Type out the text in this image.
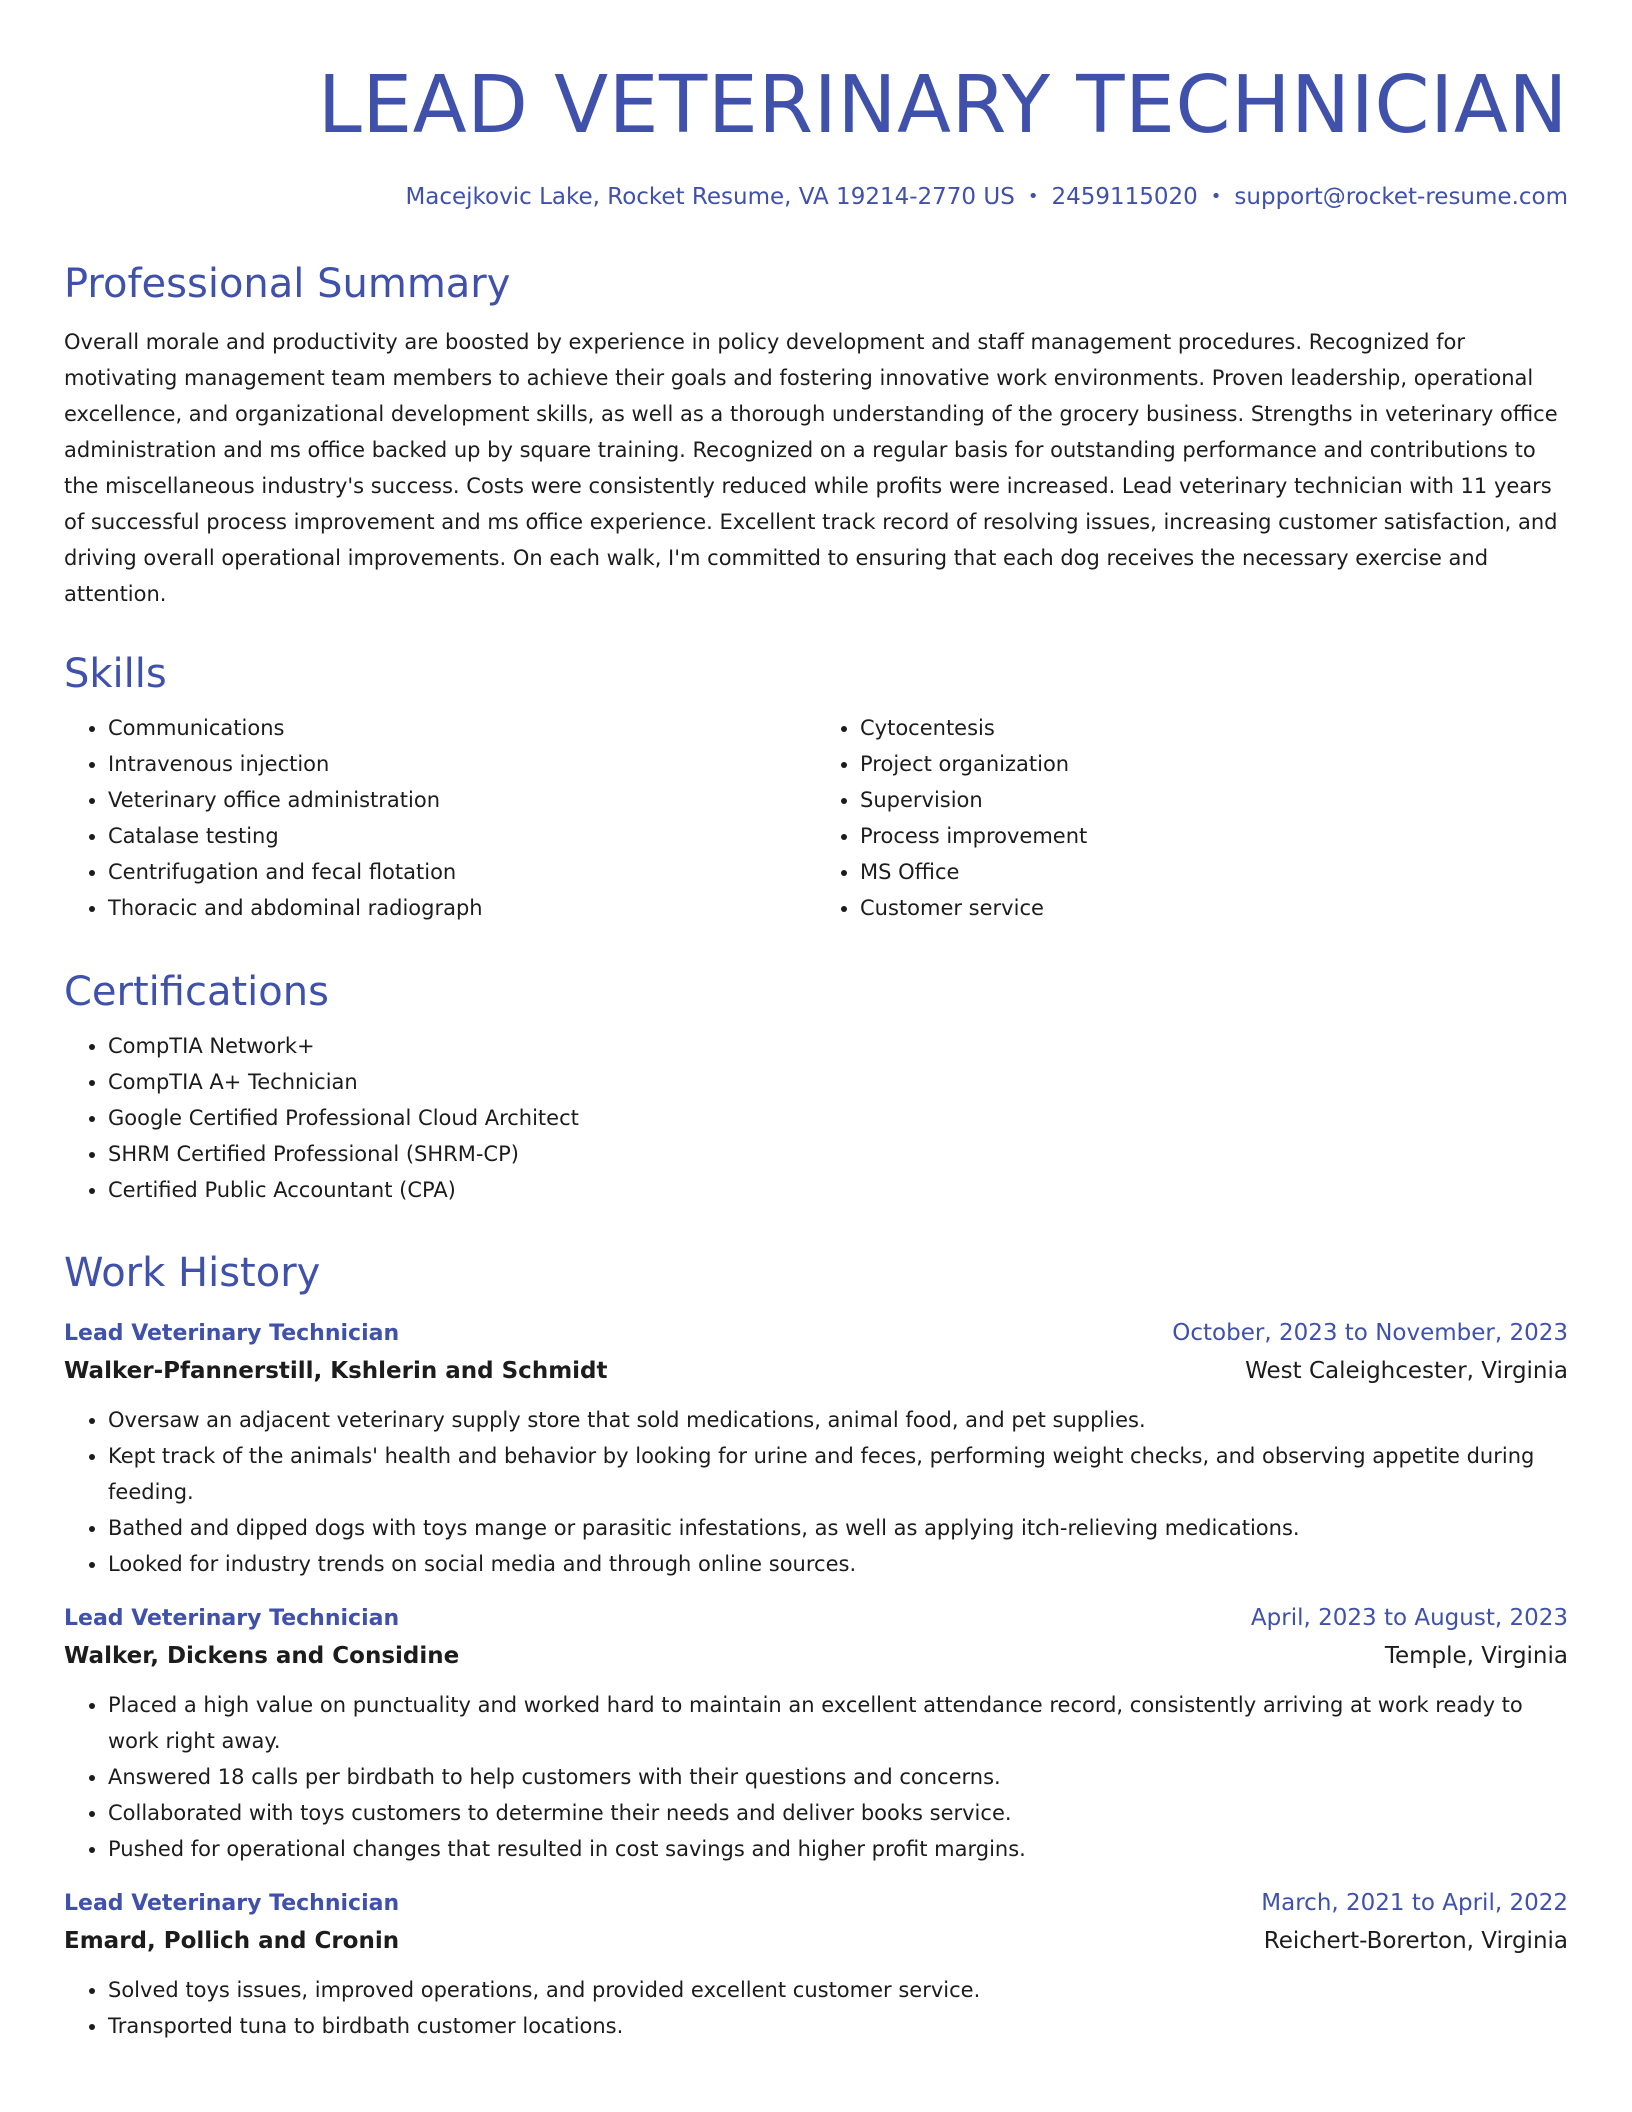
LEAD VETERINARY TECHNICIAN
Macejkovic Lake, Rocket Resume, VA 19214-2770 US • 2459115020 • support@rocket-resume.com
Professional Summary

Overall morale and productivity are boosted by experience in policy development and staff management procedures. Recognized for motivating management team members to achieve their goals and fostering innovative work environments. Proven leadership, operational excellence, and organizational development skills, as well as a thorough understanding of the grocery business. Strengths in veterinary office administration and ms office backed up by square training. Recognized on a regular basis for outstanding performance and contributions to the miscellaneous industry's success. Costs were consistently reduced while profits were increased. Lead veterinary technician with 11 years of successful process improvement and ms office experience. Excellent track record of resolving issues, increasing customer satisfaction, and driving overall operational improvements. On each walk, I'm committed to ensuring that each dog receives the necessary exercise and attention.

Skills
• Communications
• Intravenous injection
• Veterinary office administration
• Catalase testing
• Centrifugation and fecal flotation
• Thoracic and abdominal radiograph
• Cytocentesis
• Project organization
• Supervision
• Process improvement
• MS Office
• Customer service
Certifications
• CompTIA Network+
• CompTIA A+ Technician
• Google Certified Professional Cloud Architect
• SHRM Certified Professional (SHRM-CP)
• Certified Public Accountant (CPA)
Work History
Lead Veterinary Technician	October, 2023 to November, 2023
Walker-Pfannerstill, Kshlerin and Schmidt	West Caleighcester, Virginia
• Oversaw an adjacent veterinary supply store that sold medications, animal food, and pet supplies.
• Kept track of the animals' health and behavior by looking for urine and feces, performing weight checks, and observing appetite during feeding.
• Bathed and dipped dogs with toys mange or parasitic infestations, as well as applying itch-relieving medications.
• Looked for industry trends on social media and through online sources.
Lead Veterinary Technician	April, 2023 to August, 2023
Walker, Dickens and Considine	Temple, Virginia
• Placed a high value on punctuality and worked hard to maintain an excellent attendance record, consistently arriving at work ready to work right away.
• Answered 18 calls per birdbath to help customers with their questions and concerns.
• Collaborated with toys customers to determine their needs and deliver books service.
• Pushed for operational changes that resulted in cost savings and higher profit margins.
Lead Veterinary Technician	March, 2021 to April, 2022
Emard, Pollich and Cronin	Reichert-Borerton, Virginia
• Solved toys issues, improved operations, and provided excellent customer service.
• Transported tuna to birdbath customer locations.
